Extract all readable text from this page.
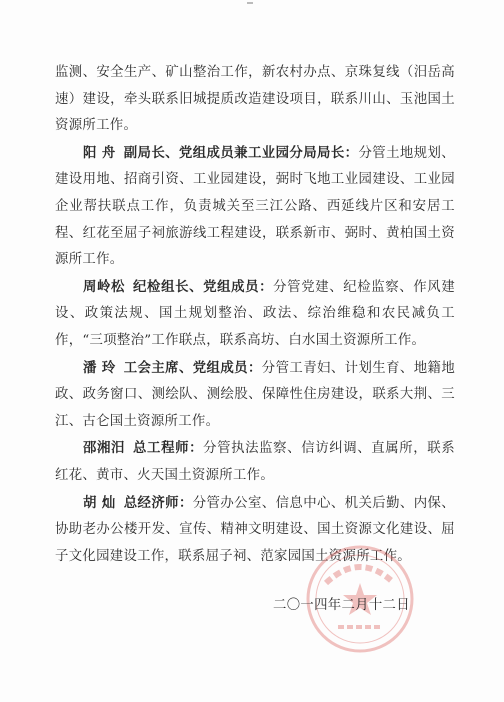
监测、安全生产、矿山整治工作，新农村办点、京珠复线（汨岳高速）建设，牵头联系旧城提质改造建设项目，联系川山、玉池国土资源所工作。

阳 舟 副局长、党组成员兼工业园分局局长：分管土地规划、建设用地、招商引资、工业园建设，弼时飞地工业园建设、工业园企业帮扶联点工作，负责城关至三江公路、西延线片区和安居工程、红花至屈子祠旅游线工程建设，联系新市、弼时、黄柏国土资源所工作。

周岭松 纪检组长、党组成员：分管党建、纪检监察、作风建设、政策法规、国土规划整治、政法、综治维稳和农民减负工作，“三项整治”工作联点，联系高坊、白水国土资源所工作。

潘 玲 工会主席、党组成员：分管工青妇、计划生育、地籍地政、政务窗口、测绘队、测绘股、保障性住房建设，联系大荆、三江、古仑国土资源所工作。

邵湘汨 总工程师：分管执法监察、信访纠调、直属所，联系红花、黄市、火天国土资源所工作。

胡 灿 总经济师：分管办公室、信息中心、机关后勤、内保、协助老办公楼开发、宣传、精神文明建设、国土资源文化建设、屈子文化园建设工作，联系屈子祠、范家园国土资源所工作。

二〇一四年二月十二日
